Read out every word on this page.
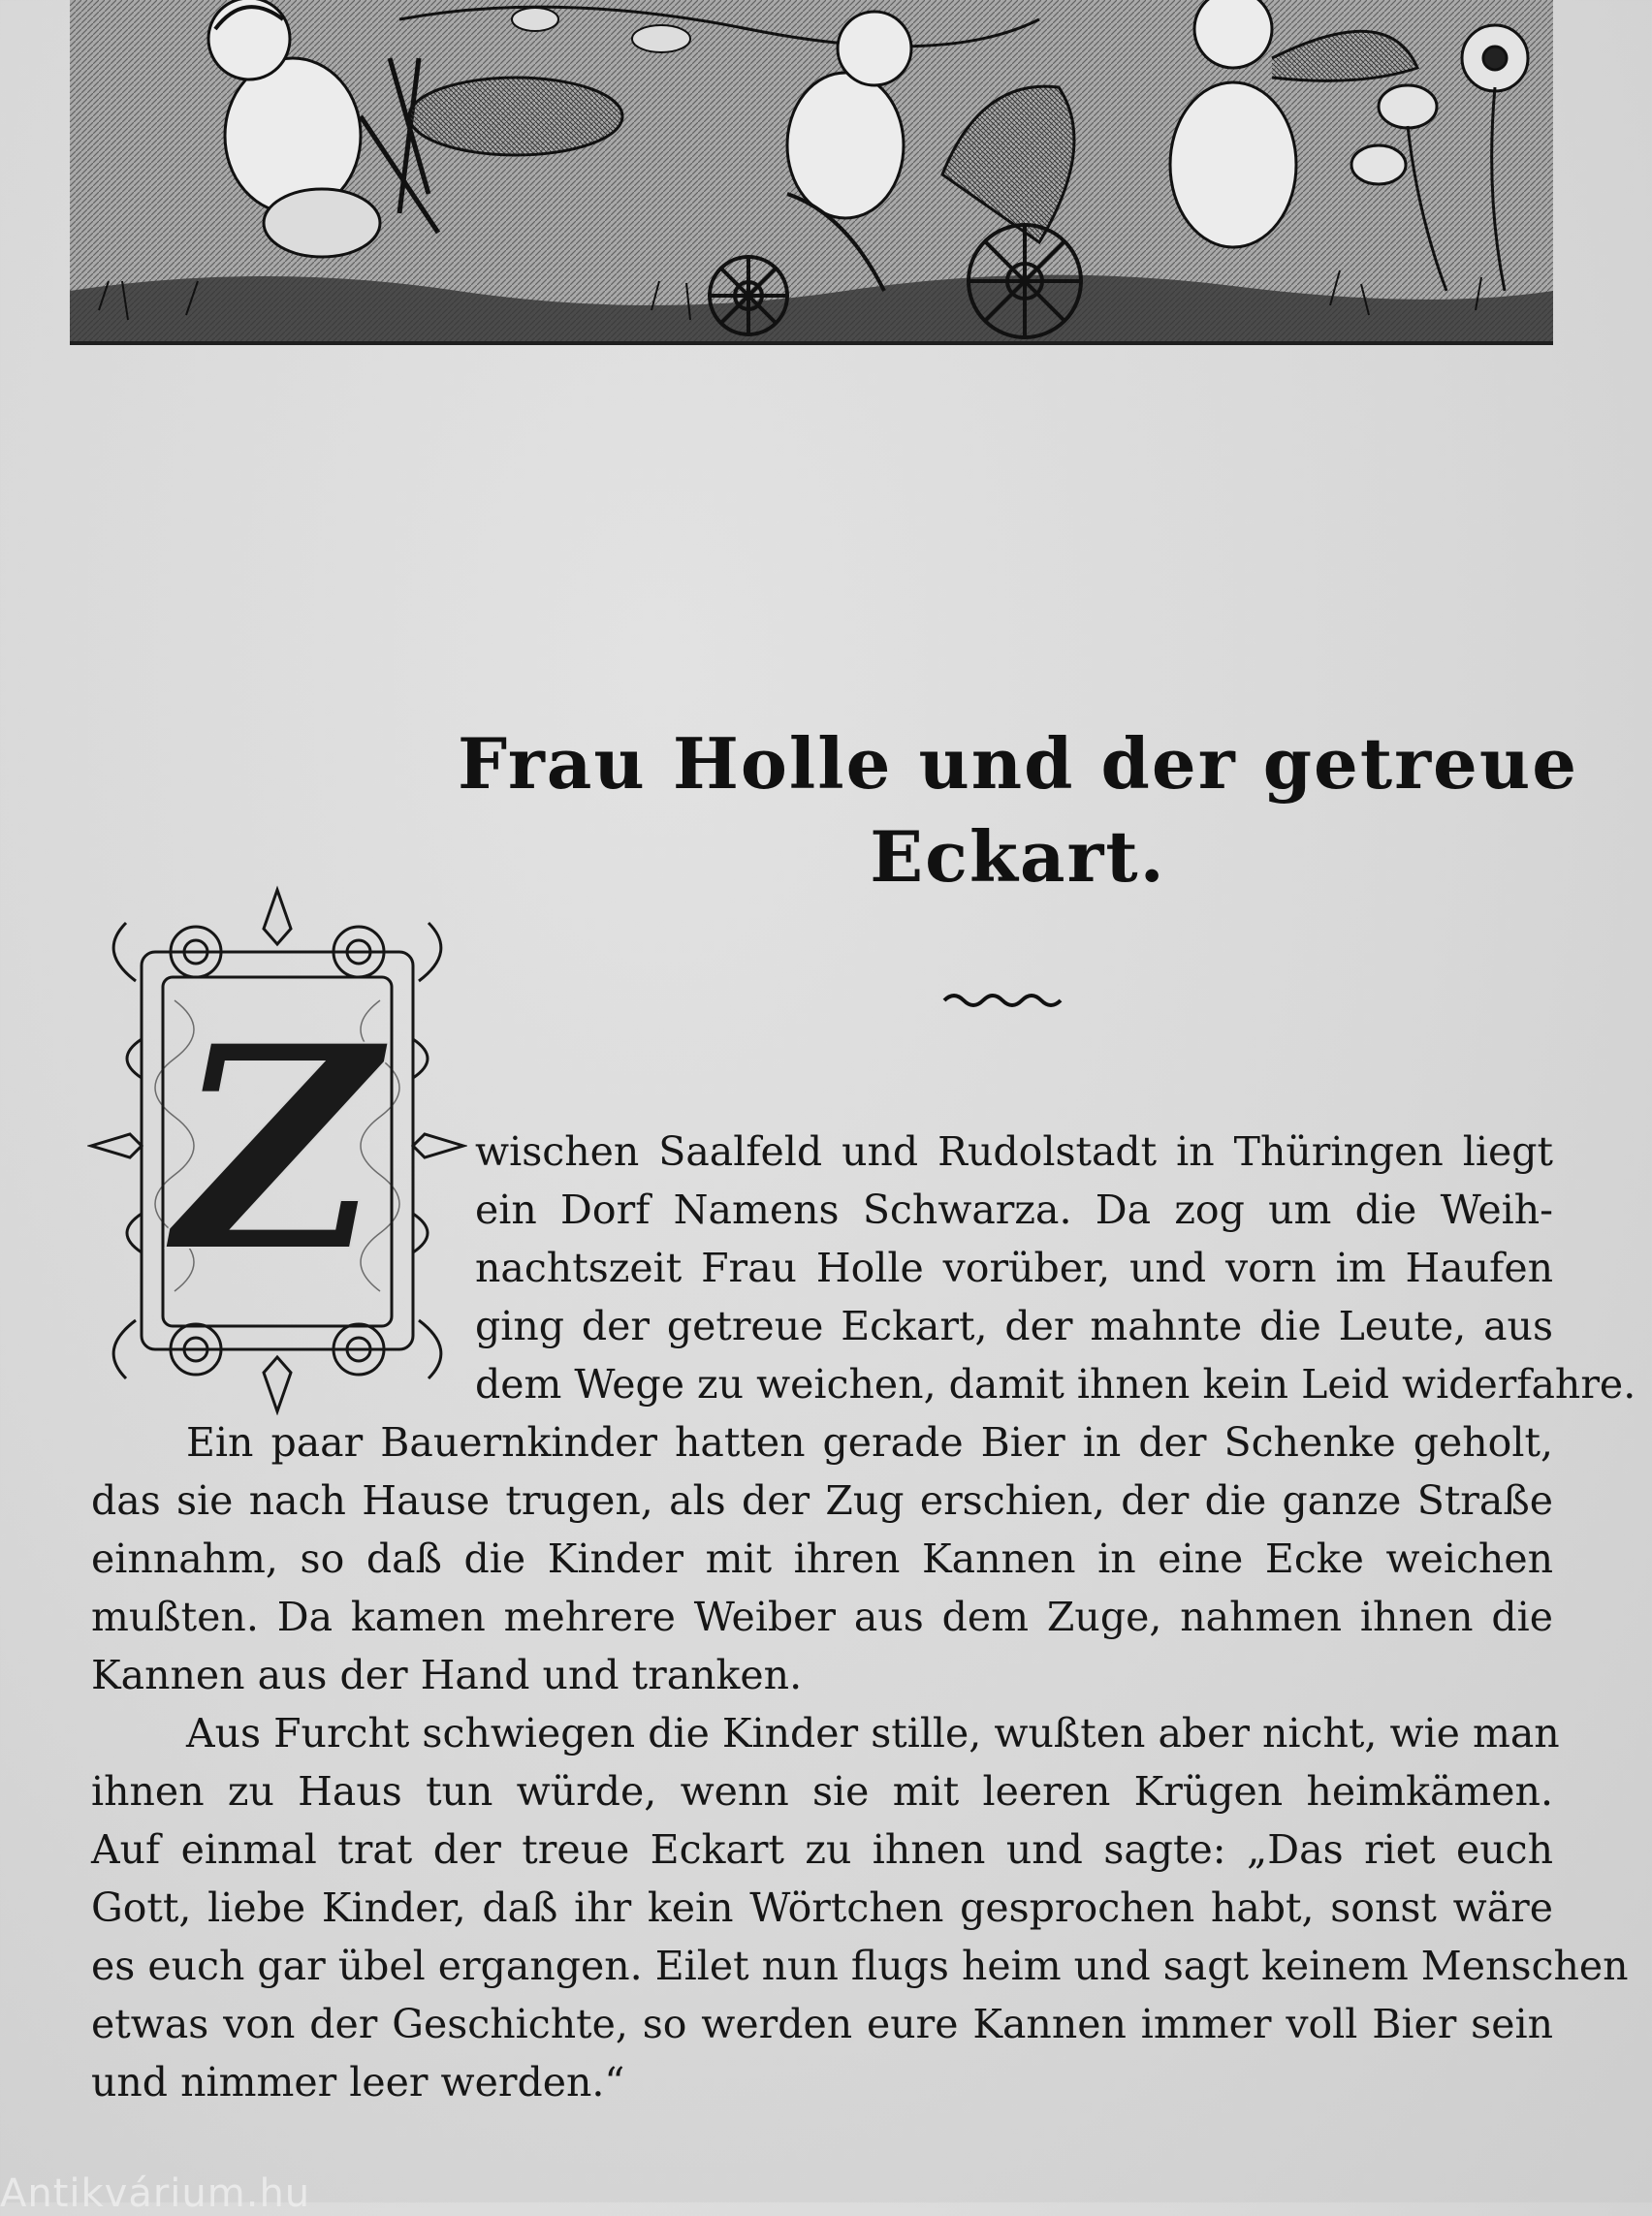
Frau Holle und der getreue
Eckart.
Z wischen Saalfeld und Rudolstadt in Thüringen liegt

ein Dorf Namens Schwarza. Da zog um die Weih-

nachtszeit Frau Holle vorüber, und vorn im Haufen

ging der getreue Eckart, der mahnte die Leute, aus

dem Wege zu weichen, damit ihnen kein Leid widerfahre.

Ein paar Bauernkinder hatten gerade Bier in der Schenke geholt,

das sie nach Hause trugen, als der Zug erschien, der die ganze Straße

einnahm, so daß die Kinder mit ihren Kannen in eine Ecke weichen

mußten. Da kamen mehrere Weiber aus dem Zuge, nahmen ihnen die

Kannen aus der Hand und tranken.

Aus Furcht schwiegen die Kinder stille, wußten aber nicht, wie man

ihnen zu Haus tun würde, wenn sie mit leeren Krügen heimkämen.

Auf einmal trat der treue Eckart zu ihnen und sagte: „Das riet euch

Gott, liebe Kinder, daß ihr kein Wörtchen gesprochen habt, sonst wäre

es euch gar übel ergangen. Eilet nun flugs heim und sagt keinem Menschen

etwas von der Geschichte, so werden eure Kannen immer voll Bier sein

und nimmer leer werden.“

Antikvárium.hu
